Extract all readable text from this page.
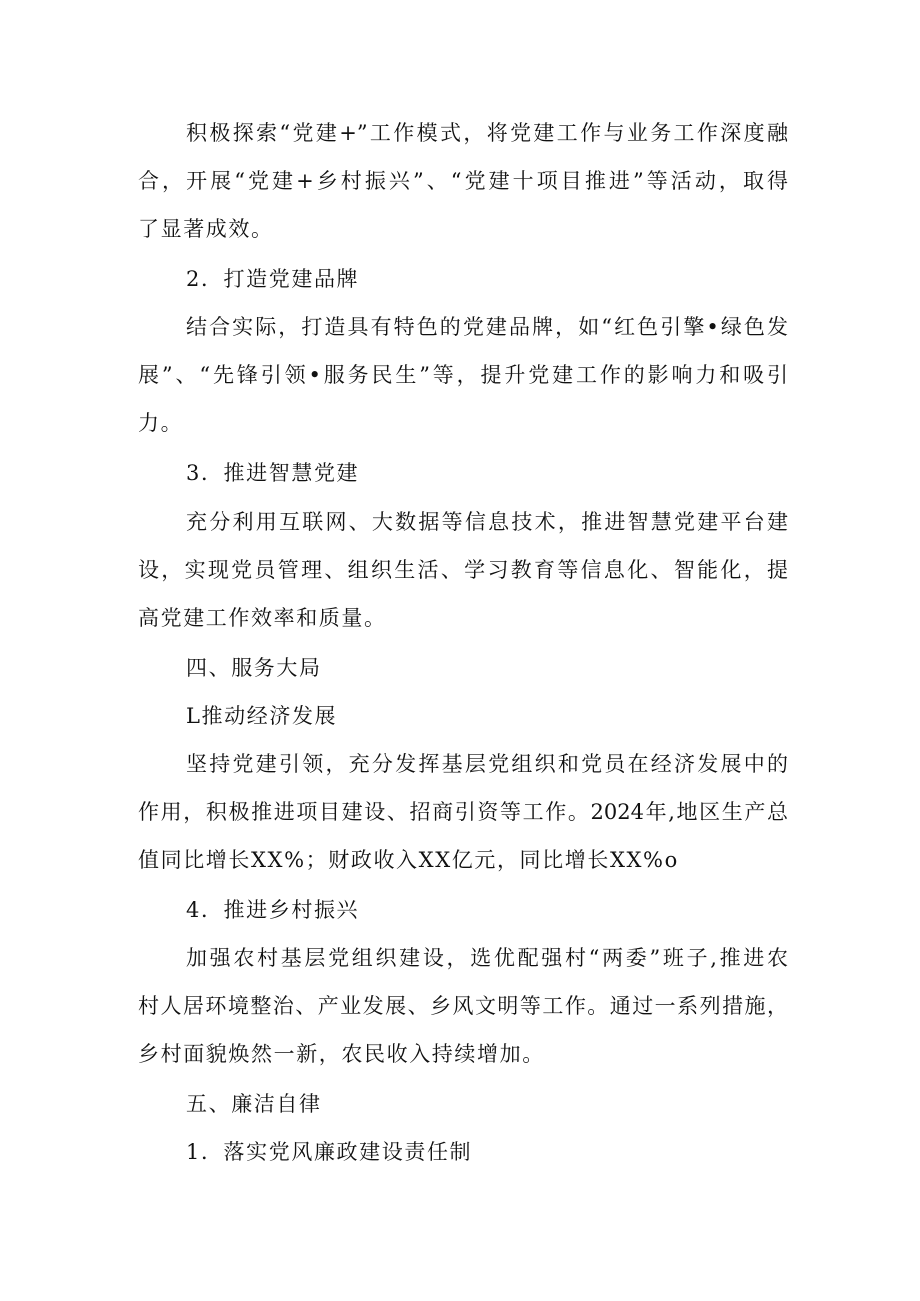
积极探索“党建+”工作模式，将党建工作与业务工作深度融
合，开展“党建+乡村振兴”、“党建十项目推进”等活动，取得
了显著成效。
2．打造党建品牌
结合实际，打造具有特色的党建品牌，如“红色引擎•绿色发
展”、“先锋引领•服务民生”等，提升党建工作的影响力和吸引
力。
3．推进智慧党建
充分利用互联网、大数据等信息技术，推进智慧党建平台建
设，实现党员管理、组织生活、学习教育等信息化、智能化，提
高党建工作效率和质量。
四、服务大局
L推动经济发展
坚持党建引领，充分发挥基层党组织和党员在经济发展中的
作用，积极推进项目建设、招商引资等工作。2024年,地区生产总
值同比增长XX%；财政收入XX亿元，同比增长XX%o
4．推进乡村振兴
加强农村基层党组织建设，选优配强村“两委”班子,推进农
村人居环境整治、产业发展、乡风文明等工作。通过一系列措施，
乡村面貌焕然一新，农民收入持续增加。
五、廉洁自律
1．落实党风廉政建设责任制
